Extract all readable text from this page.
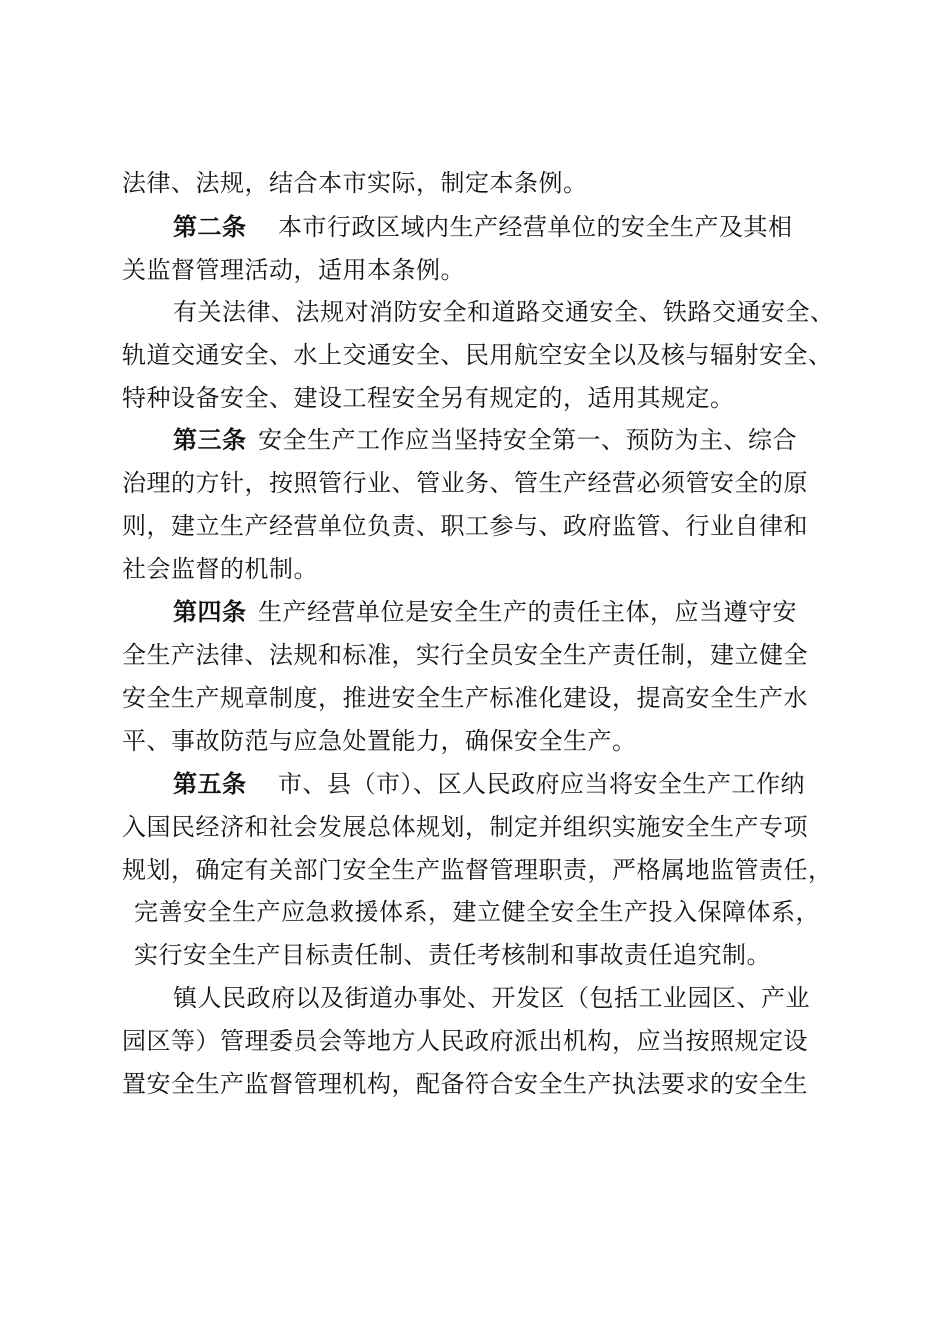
法律、法规，结合本市实际，制定本条例。
第二条 本市行政区域内生产经营单位的安全生产及其相
关监督管理活动，适用本条例。
有关法律、法规对消防安全和道路交通安全、铁路交通安全、
轨道交通安全、水上交通安全、民用航空安全以及核与辐射安全、
特种设备安全、建设工程安全另有规定的，适用其规定。
第三条 安全生产工作应当坚持安全第一、预防为主、综合
治理的方针，按照管行业、管业务、管生产经营必须管安全的原
则，建立生产经营单位负责、职工参与、政府监管、行业自律和
社会监督的机制。
第四条 生产经营单位是安全生产的责任主体，应当遵守安
全生产法律、法规和标准，实行全员安全生产责任制，建立健全
安全生产规章制度，推进安全生产标准化建设，提高安全生产水
平、事故防范与应急处置能力，确保安全生产。
第五条 市、县（市）、区人民政府应当将安全生产工作纳
入国民经济和社会发展总体规划，制定并组织实施安全生产专项
规划，确定有关部门安全生产监督管理职责，严格属地监管责任，
完善安全生产应急救援体系，建立健全安全生产投入保障体系，
实行安全生产目标责任制、责任考核制和事故责任追究制。
镇人民政府以及街道办事处、开发区（包括工业园区、产业
园区等）管理委员会等地方人民政府派出机构，应当按照规定设
置安全生产监督管理机构，配备符合安全生产执法要求的安全生
